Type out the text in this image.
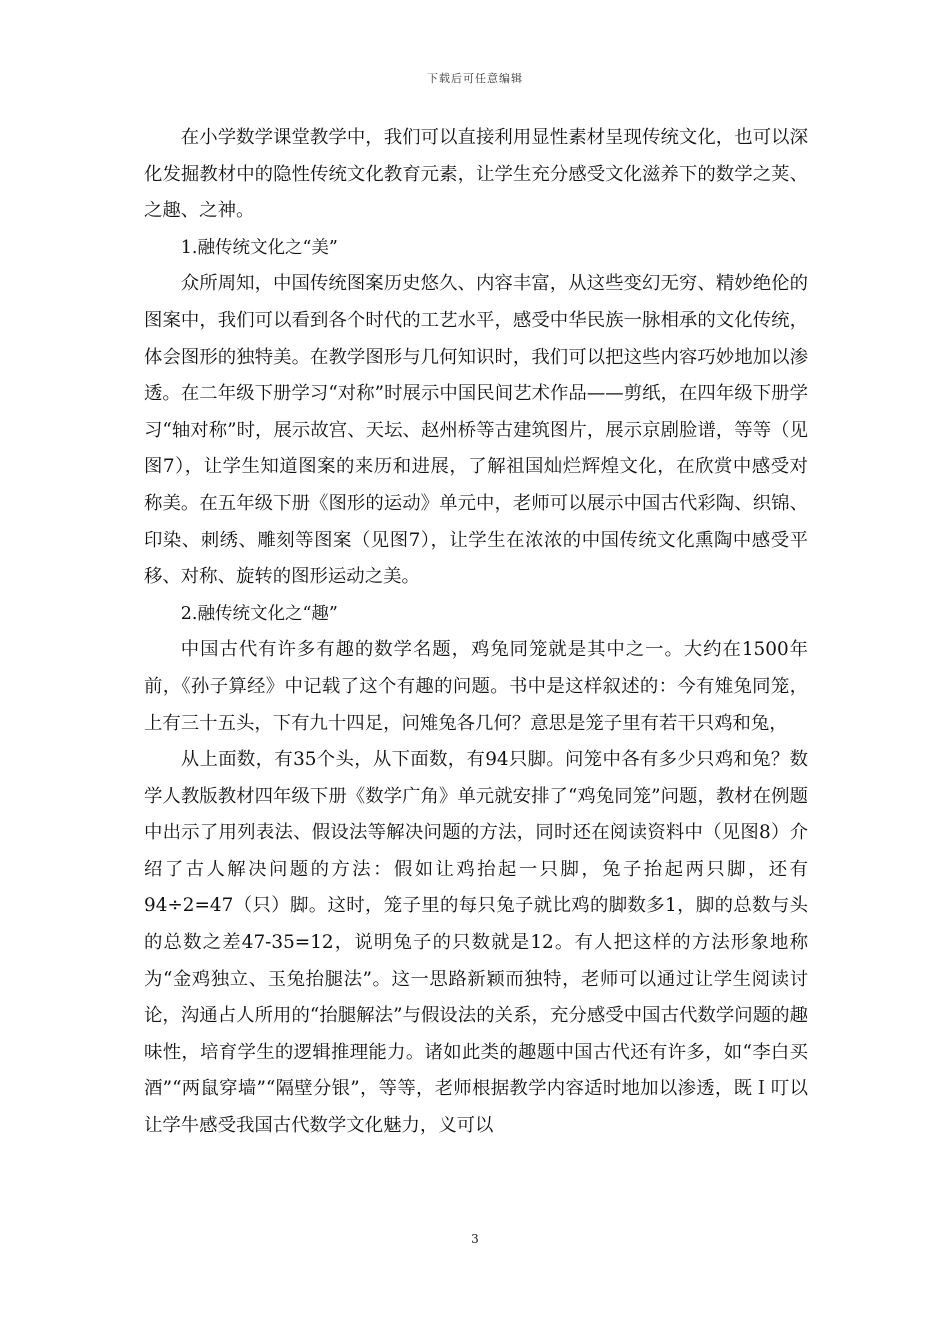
下载后可任意编辑

在小学数学课堂教学中，我们可以直接利用显性素材呈现传统文化，也可以深化发掘教材中的隐性传统文化教育元素，让学生充分感受文化滋养下的数学之荚、之趣、之神。

1.融传统文化之“美”

众所周知，中国传统图案历史悠久、内容丰富，从这些变幻无穷、精妙绝伦的图案中，我们可以看到各个时代的工艺水平，感受中华民族一脉相承的文化传统，体会图形的独特美。在教学图形与几何知识时，我们可以把这些内容巧妙地加以渗透。在二年级下册学习“对称”时展示中国民间艺术作品——剪纸，在四年级下册学习“轴对称”时，展示故宫、天坛、赵州桥等古建筑图片，展示京剧脸谱，等等（见图7），让学生知道图案的来历和进展，了解祖国灿烂辉煌文化，在欣赏中感受对称美。在五年级下册《图形的运动》单元中，老师可以展示中国古代彩陶、织锦、印染、刺绣、雕刻等图案（见图7），让学生在浓浓的中国传统文化熏陶中感受平移、对称、旋转的图形运动之美。

2.融传统文化之“趣”

中国古代有许多有趣的数学名题，鸡兔同笼就是其中之一。大约在1500年前，《孙子算经》中记载了这个有趣的问题。书中是这样叙述的：今有雉兔同笼，上有三十五头，下有九十四足，问雉兔各几何？意思是笼子里有若干只鸡和兔，

从上面数，有35个头，从下面数，有94只脚。问笼中各有多少只鸡和兔？数学人教版教材四年级下册《数学广角》单元就安排了“鸡兔同笼”问题，教材在例题中出示了用列表法、假设法等解决问题的方法，同时还在阅读资料中（见图8）介绍了古人解决问题的方法：假如让鸡抬起一只脚，兔子抬起两只脚，还有94÷2=47（只）脚。这时，笼子里的每只兔子就比鸡的脚数多1，脚的总数与头的总数之差47-35=12，说明兔子的只数就是12。有人把这样的方法形象地称为“金鸡独立、玉兔抬腿法”。这一思路新颖而独特，老师可以通过让学生阅读讨论，沟通占人所用的“抬腿解法”与假设法的关系，充分感受中国古代数学问题的趣味性，培育学生的逻辑推理能力。诸如此类的趣题中国古代还有许多，如“李白买酒”“两鼠穿墙”“隔壁分银”，等等，老师根据教学内容适时地加以渗透，既Ｉ叮以让学牛感受我国古代数学文化魅力，义可以

3
